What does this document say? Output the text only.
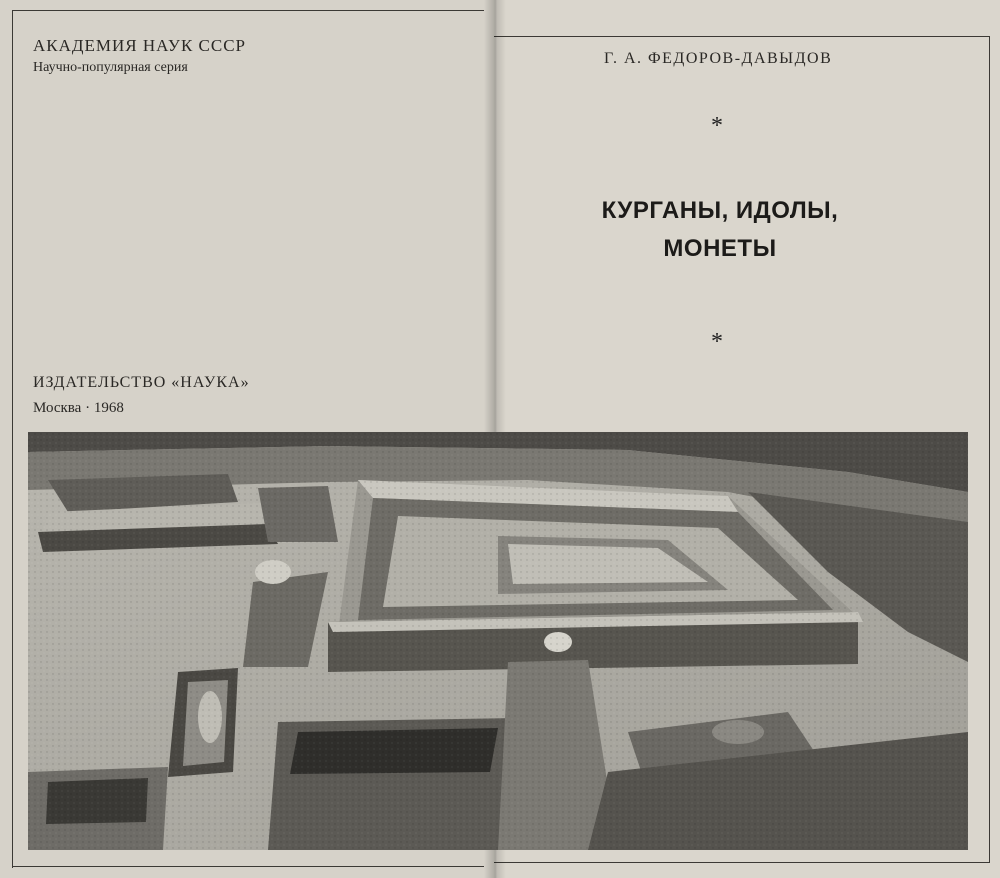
АКАДЕМИЯ НАУК СССР
Научно-популярная серия
ИЗДАТЕЛЬСТВО «НАУКА»
Москва · 1968
Г. А. ФЕДОРОВ-ДАВЫДОВ
*
КУРГАНЫ, ИДОЛЫ,
МОНЕТЫ
*
